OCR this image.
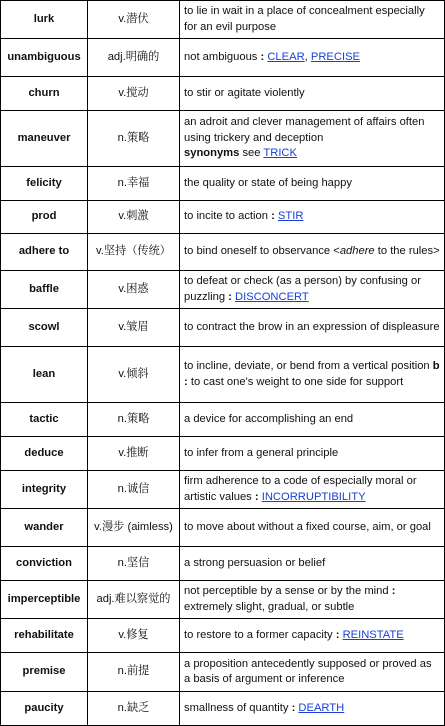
lurk	v.潜伏	to lie in wait in a place of concealment especially for an evil purpose
unambiguous	adj.明确的	not ambiguous : CLEAR, PRECISE
churn	v.搅动	to stir or agitate violently
maneuver	n.策略	an adroit and clever management of affairs often using trickery and deception
synonyms see TRICK
felicity	n.幸福	the quality or state of being happy
prod	v.刺激	to incite to action : STIR
adhere to	v.坚持（传统）	to bind oneself to observance <adhere to the rules>
baffle	v.困惑	to defeat or check (as a person) by confusing or puzzling : DISCONCERT
scowl	v.皱眉	to contract the brow in an expression of displeasure
lean	v.倾斜	to incline, deviate, or bend from a vertical position b : to cast one's weight to one side for support
tactic	n.策略	a device for accomplishing an end
deduce	v.推断	to infer from a general principle
integrity	n.诚信	firm adherence to a code of especially moral or artistic values : INCORRUPTIBILITY
wander	v.漫步 (aimless)	to move about without a fixed course, aim, or goal
conviction	n.坚信	a strong persuasion or belief
imperceptible	adj.难以察觉的	not perceptible by a sense or by the mind : extremely slight, gradual, or subtle
rehabilitate	v.修复	to restore to a former capacity : REINSTATE
premise	n.前提	a proposition antecedently supposed or proved as a basis of argument or inference
paucity	n.缺乏	smallness of quantity : DEARTH
